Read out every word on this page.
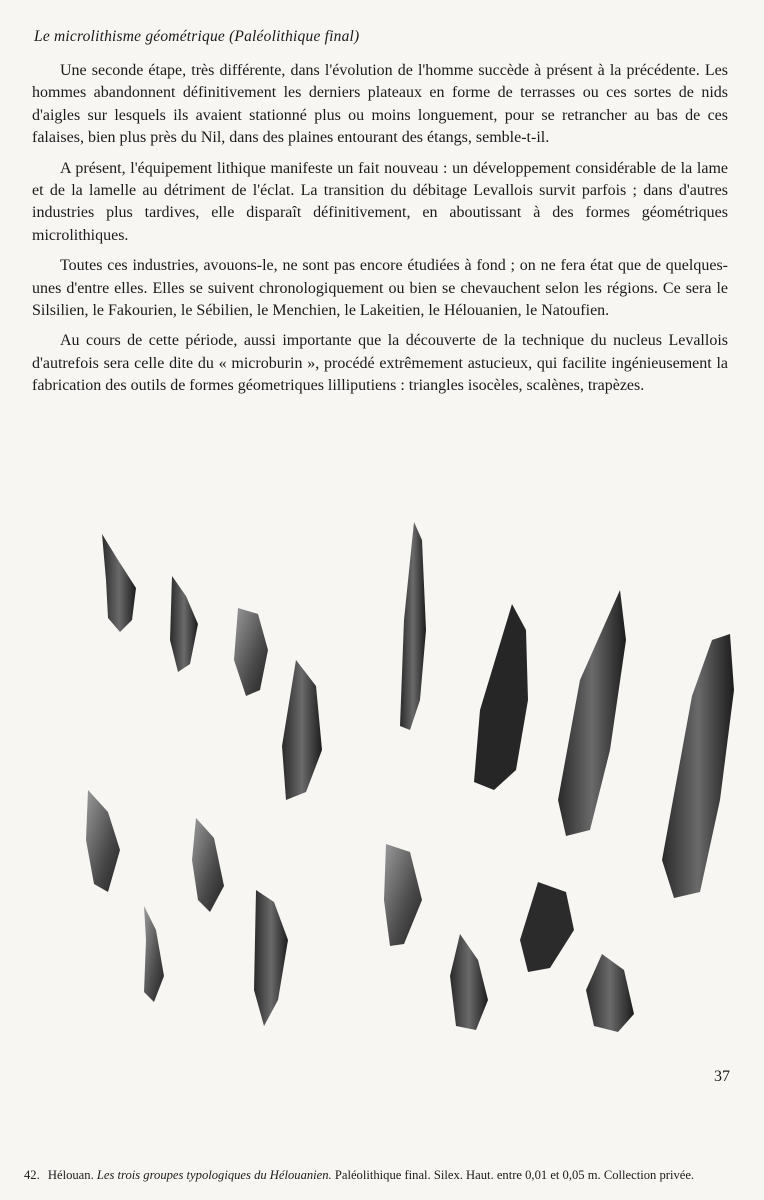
Le microlithisme géométrique (Paléolithique final)

Une seconde étape, très différente, dans l'évolution de l'homme succède à présent à la précédente. Les hommes abandonnent définitivement les derniers plateaux en forme de terrasses ou ces sortes de nids d'aigles sur lesquels ils avaient stationné plus ou moins longuement, pour se retrancher au bas de ces falaises, bien plus près du Nil, dans des plaines entourant des étangs, semble-t-il.

A présent, l'équipement lithique manifeste un fait nouveau : un développement considérable de la lame et de la lamelle au détriment de l'éclat. La transition du débitage Levallois survit parfois ; dans d'autres industries plus tardives, elle disparaît définitivement, en aboutissant à des formes géométriques microlithiques.

Toutes ces industries, avouons-le, ne sont pas encore étudiées à fond ; on ne fera état que de quelques-unes d'entre elles. Elles se suivent chronologiquement ou bien se chevauchent selon les régions. Ce sera le Silsilien, le Fakourien, le Sébilien, le Menchien, le Lakeitien, le Hélouanien, le Natoufien.

Au cours de cette période, aussi importante que la découverte de la technique du nucleus Levallois d'autrefois sera celle dite du « microburin », procédé extrêmement astucieux, qui facilite ingénieusement la fabrication des outils de formes géometriques lilliputiens : triangles isocèles, scalènes, trapèzes.

37
42. Hélouan. Les trois groupes typologiques du Hélouanien. Paléolithique final. Silex. Haut. entre 0,01 et 0,05 m. Collection privée.
